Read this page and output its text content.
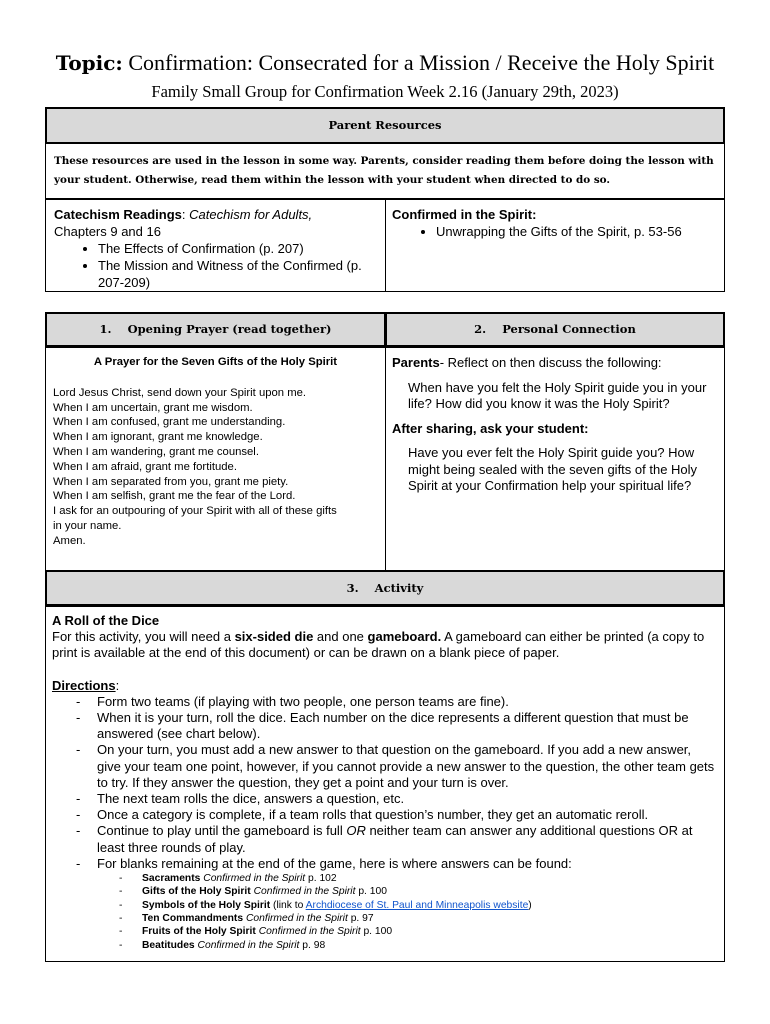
Topic: Confirmation: Consecrated for a Mission / Receive the Holy Spirit
Family Small Group for Confirmation Week 2.16 (January 29th, 2023)
Parent Resources
These resources are used in the lesson in some way. Parents, consider reading them before doing the lesson with your student. Otherwise, read them within the lesson with your student when directed to do so.
Catechism Readings: Catechism for Adults,
Chapters 9 and 16
• The Effects of Confirmation (p. 207)
• The Mission and Witness of the Confirmed (p. 207-209)
Confirmed in the Spirit:
• Unwrapping the Gifts of the Spirit, p. 53-56
1.    Opening Prayer (read together)	2.    Personal Connection
A Prayer for the Seven Gifts of the Holy Spirit
Lord Jesus Christ, send down your Spirit upon me.
When I am uncertain, grant me wisdom.
When I am confused, grant me understanding.
When I am ignorant, grant me knowledge.
When I am wandering, grant me counsel.
When I am afraid, grant me fortitude.
When I am separated from you, grant me piety.
When I am selfish, grant me the fear of the Lord.
I ask for an outpouring of your Spirit with all of these gifts
in your name.
Amen.
Parents- Reflect on then discuss the following:
When have you felt the Holy Spirit guide you in your life? How did you know it was the Holy Spirit?
After sharing, ask your student:
Have you ever felt the Holy Spirit guide you? How might being sealed with the seven gifts of the Holy Spirit at your Confirmation help your spiritual life?
3.    Activity
A Roll of the Dice
For this activity, you will need a six-sided die and one gameboard. A gameboard can either be printed (a copy to print is available at the end of this document) or can be drawn on a blank piece of paper.
Directions:
- Form two teams (if playing with two people, one person teams are fine).
- When it is your turn, roll the dice. Each number on the dice represents a different question that must be answered (see chart below).
- On your turn, you must add a new answer to that question on the gameboard. If you add a new answer, give your team one point, however, if you cannot provide a new answer to the question, the other team gets to try. If they answer the question, they get a point and your turn is over.
- The next team rolls the dice, answers a question, etc.
- Once a category is complete, if a team rolls that question’s number, they get an automatic reroll.
- Continue to play until the gameboard is full OR neither team can answer any additional questions OR at least three rounds of play.
- For blanks remaining at the end of the game, here is where answers can be found:
- Sacraments Confirmed in the Spirit p. 102
- Gifts of the Holy Spirit Confirmed in the Spirit p. 100
- Symbols of the Holy Spirit (link to Archdiocese of St. Paul and Minneapolis website)
- Ten Commandments Confirmed in the Spirit p. 97
- Fruits of the Holy Spirit Confirmed in the Spirit p. 100
- Beatitudes Confirmed in the Spirit p. 98
